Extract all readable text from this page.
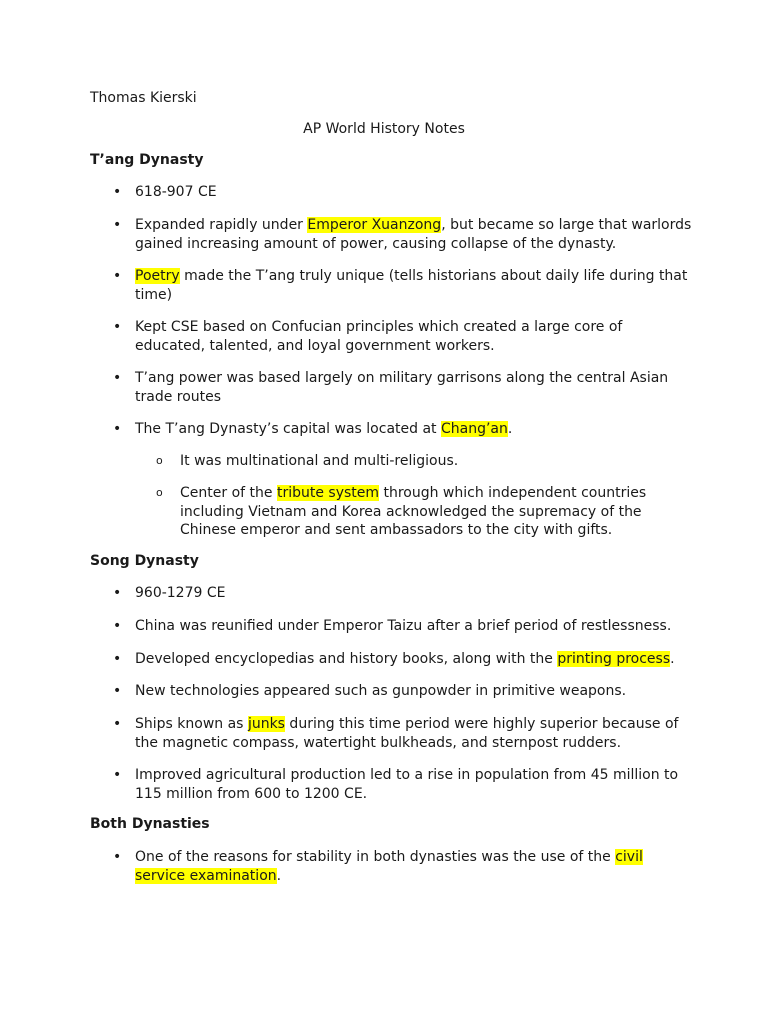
Thomas Kierski
AP World History Notes
T’ang Dynasty
• 618-907 CE
• Expanded rapidly under Emperor Xuanzong, but became so large that warlords gained increasing amount of power, causing collapse of the dynasty.
• Poetry made the T’ang truly unique (tells historians about daily life during that time)
• Kept CSE based on Confucian principles which created a large core of educated, talented, and loyal government workers.
• T’ang power was based largely on military garrisons along the central Asian trade routes
• The T’ang Dynasty’s capital was located at Chang’an.
o It was multinational and multi-religious.
o Center of the tribute system through which independent countries including Vietnam and Korea acknowledged the supremacy of the Chinese emperor and sent ambassadors to the city with gifts.
Song Dynasty
• 960-1279 CE
• China was reunified under Emperor Taizu after a brief period of restlessness.
• Developed encyclopedias and history books, along with the printing process.
• New technologies appeared such as gunpowder in primitive weapons.
• Ships known as junks during this time period were highly superior because of the magnetic compass, watertight bulkheads, and sternpost rudders.
• Improved agricultural production led to a rise in population from 45 million to 115 million from 600 to 1200 CE.
Both Dynasties
• One of the reasons for stability in both dynasties was the use of the civil service examination.
